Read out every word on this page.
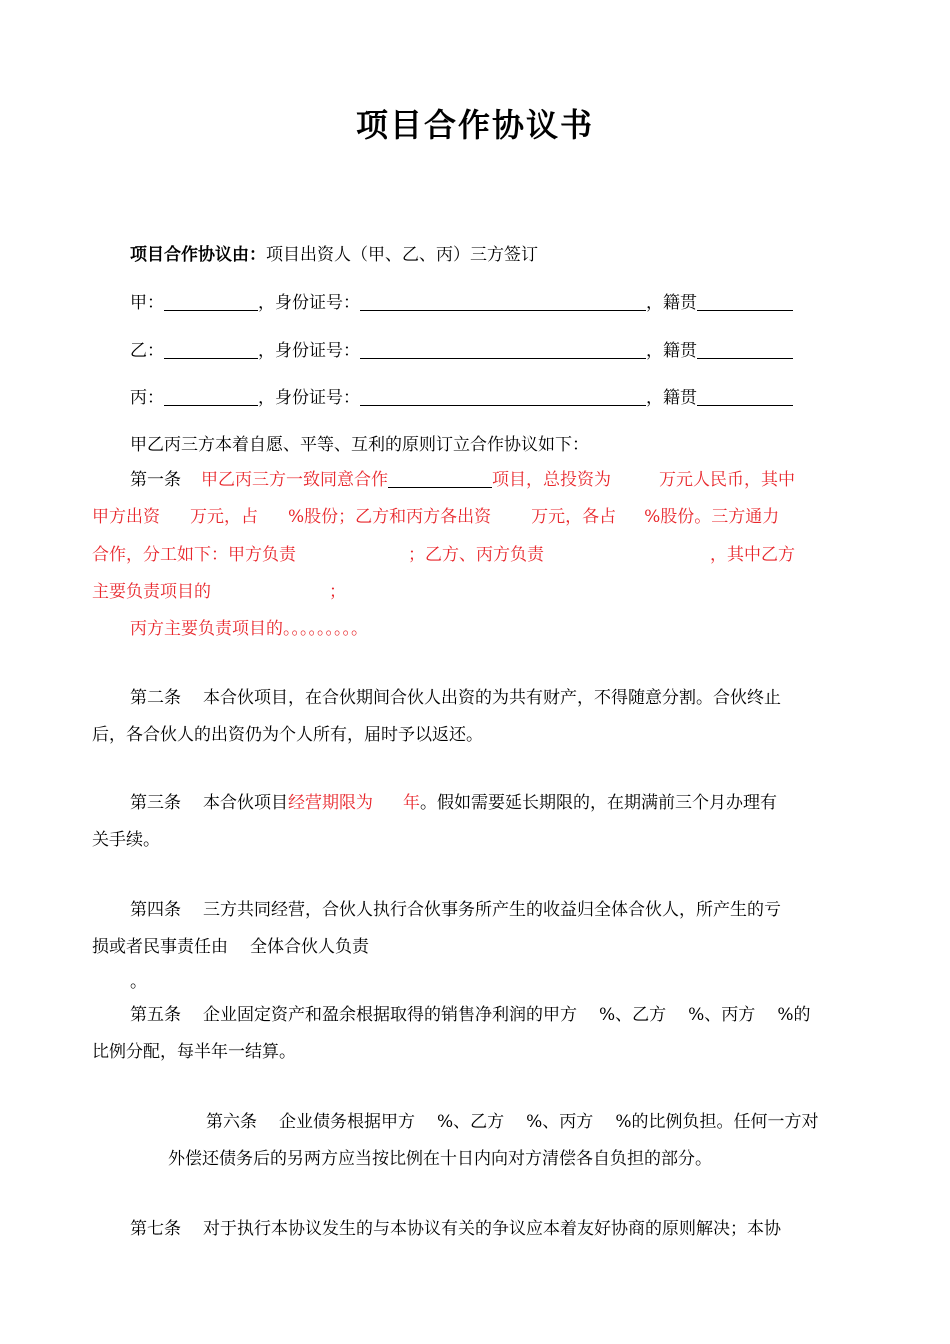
项目合作协议书
项目合作协议由：项目出资人（甲、乙、丙）三方签订
甲：	，身份证号：	，籍贯
乙：	，身份证号：	，籍贯
丙：	，身份证号：	，籍贯
甲乙丙三方本着自愿、平等、互利的原则订立合作协议如下：
第一条 甲乙丙三方一致同意合作	项目，总投资为	万元人民币，其中
甲方出资 万元，占 %股份；乙方和丙方各出资 万元，各占 %股份。三方通力
合作，分工如下：甲方负责	；乙方、丙方负责	，其中乙方
主要负责项目的	；
丙方主要负责项目的。。。。。。。。。
第二条 本合伙项目，在合伙期间合伙人出资的为共有财产，不得随意分割。合伙终止
后，各合伙人的出资仍为个人所有，届时予以返还。
第三条 本合伙项目经营期限为 年。假如需要延长期限的，在期满前三个月办理有
关手续。
第四条 三方共同经营，合伙人执行合伙事务所产生的收益归全体合伙人，所产生的亏
损或者民事责任由 全体合伙人负责
。
第五条 企业固定资产和盈余根据取得的销售净利润的甲方 %、乙方 %、丙方 %的
比例分配，每半年一结算。
第六条 企业债务根据甲方 %、乙方 %、丙方 %的比例负担。任何一方对
外偿还债务后的另两方应当按比例在十日内向对方清偿各自负担的部分。
第七条 对于执行本协议发生的与本协议有关的争议应本着友好协商的原则解决；本协
